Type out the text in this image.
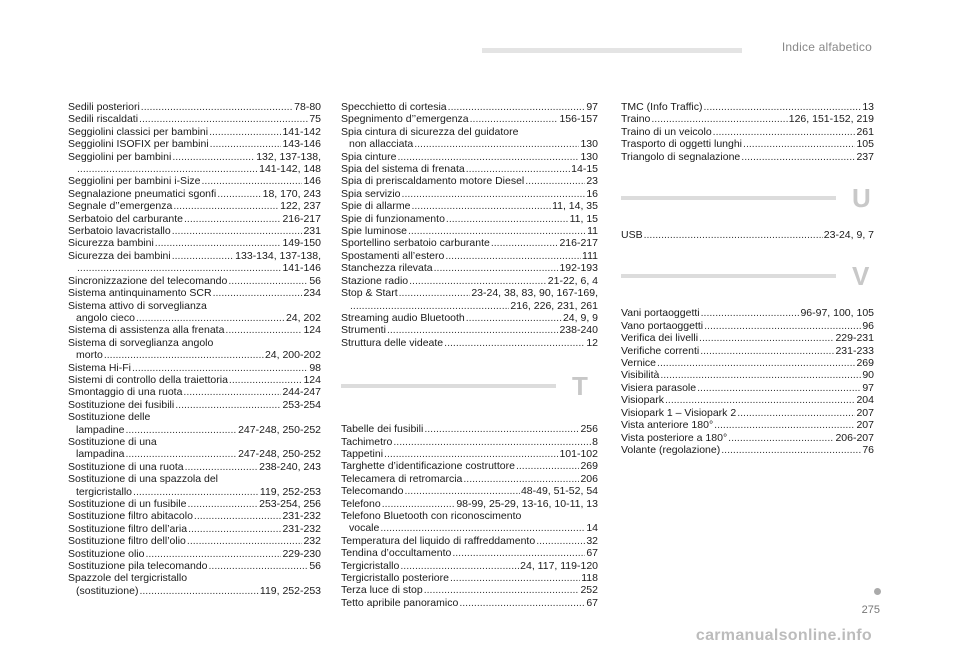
Indice alfabetico
Sedili posteriori .....	78-80
Sedili riscaldati .....	75
Seggiolini classici per bambini .....	141-142
Seggiolini ISOFIX per bambini .....	143-146
Seggiolini per bambini .....	132, 137-138,
.....
141-142, 148
Seggiolini per bambini i-Size .....	146
Segnalazione pneumatici sgonfi .....	18, 170, 243
Segnale d’’emergenza .....	122, 237
Serbatoio del carburante .....	216-217
Serbatoio lavacristallo .....	231
Sicurezza bambini .....	149-150
Sicurezza dei bambini .....	133-134, 137-138,
.....
141-146
Sincronizzazione del telecomando .....	56
Sistema antinquinamento SCR .....	234
Sistema attivo di sorveglianza
angolo cieco .....	24, 202
Sistema di assistenza alla frenata .....	124
Sistema di sorveglianza angolo
morto .....	24, 200-202
Sistema Hi-Fi .....	98
Sistemi di controllo della traiettoria .....	124
Smontaggio di una ruota .....	244-247
Sostituzione dei fusibili .....	253-254
Sostituzione delle
lampadine .....	247-248, 250-252
Sostituzione di una
lampadina .....	247-248, 250-252
Sostituzione di una ruota .....	238-240, 243
Sostituzione di una spazzola del
tergicristallo .....	119, 252-253
Sostituzione di un fusibile .....	253-254, 256
Sostituzione filtro abitacolo .....	231-232
Sostituzione filtro dell’aria .....	231-232
Sostituzione filtro dell’olio .....	232
Sostituzione olio .....	229-230
Sostituzione pila telecomando .....	56
Spazzole del tergicristallo
(sostituzione) .....	119, 252-253
Specchietto di cortesia .....	97
Spegnimento d’’emergenza .....	156-157
Spia cintura di sicurezza del guidatore
non allacciata .....	130
Spia cinture .....	130
Spia del sistema di frenata .....	14-15
Spia di preriscaldamento motore Diesel .....	23
Spia servizio .....	16
Spie di allarme .....	11, 14, 35
Spie di funzionamento .....	11, 15
Spie luminose .....	11
Sportellino serbatoio carburante .....	216-217
Spostamenti all’estero .....	111
Stanchezza rilevata .....	192-193
Stazione radio .....	21-22, 6, 4
Stop & Start .....	23-24, 38, 83, 90, 167-169,
.....
216, 226, 231, 261
Streaming audio Bluetooth .....	24, 9, 9
Strumenti .....	238-240
Struttura delle videate .....	12
T
Tabelle dei fusibili .....	256
Tachimetro .....	8
Tappetini .....	101-102
Targhette d’identificazione costruttore .....	269
Telecamera di retromarcia .....	206
Telecomando .....	48-49, 51-52, 54
Telefono .....	98-99, 25-29, 13-16, 10-11, 13
Telefono Bluetooth con riconoscimento
vocale .....	14
Temperatura del liquido di raffreddamento .....	32
Tendina d’occultamento .....	67
Tergicristallo .....	24, 117, 119-120
Tergicristallo posteriore .....	118
Terza luce di stop .....	252
Tetto apribile panoramico .....	67
TMC (Info Traffic) .....	13
Traino .....	126, 151-152, 219
Traino di un veicolo .....	261
Trasporto di oggetti lunghi .....	105
Triangolo di segnalazione .....	237
U
USB .....	23-24, 9, 7
V
Vani portaoggetti .....	96-97, 100, 105
Vano portaoggetti .....	96
Verifica dei livelli .....	229-231
Verifiche correnti .....	231-233
Vernice .....	269
Visibilità .....	90
Visiera parasole .....	97
Visiopark .....	204
Visiopark 1 – Visiopark 2 .....	207
Vista anteriore 180° .....	207
Vista posteriore a 180° .....	206-207
Volante (regolazione) .....	76
275
carmanualsonline.info
